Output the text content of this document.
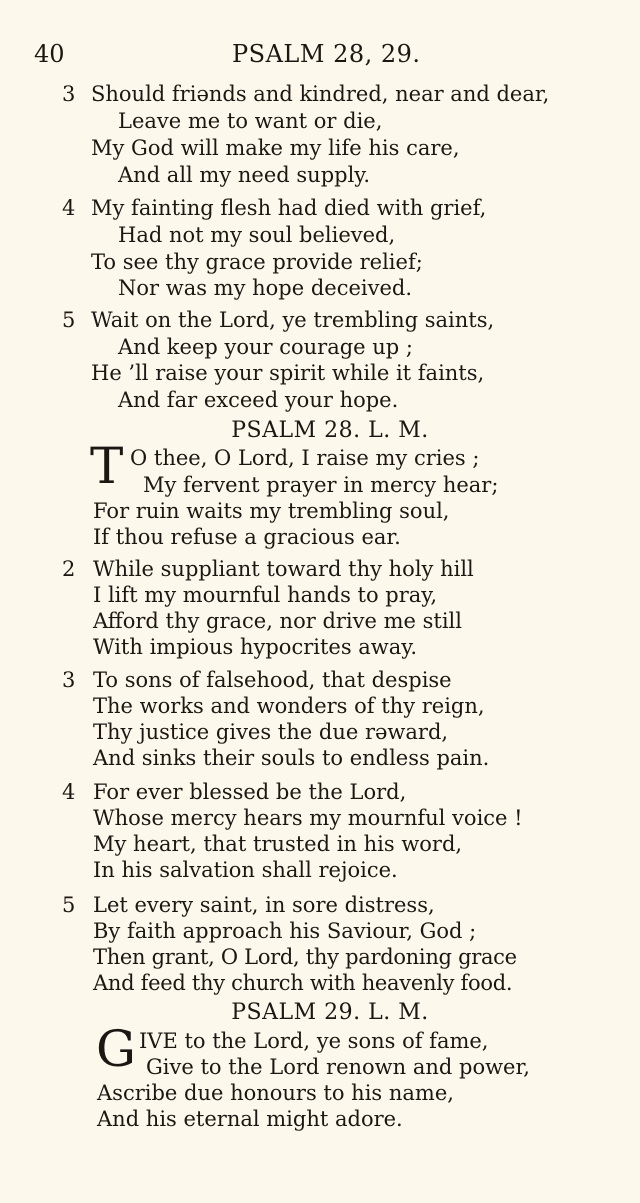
40	PSALM 28, 29.
3 Should friənds and kindred, near and dear,
Leave me to want or die,
My God will make my life his care,
And all my need supply.
4 My fainting flesh had died with grief,
Had not my soul believed,
To see thy grace provide relief;
Nor was my hope deceived.
5 Wait on the Lord, ye trembling saints,
And keep your courage up ;
He ’ll raise your spirit while it faints,
And far exceed your hope.
PSALM 28. L. M.
T O thee, O Lord, I raise my cries ;
My fervent prayer in mercy hear;
For ruin waits my trembling soul,
If thou refuse a gracious ear.
2 While suppliant toward thy holy hill
I lift my mournful hands to pray,
Afford thy grace, nor drive me still
With impious hypocrites away.
3 To sons of falsehood, that despise
The works and wonders of thy reign,
Thy justice gives the due rəward,
And sinks their souls to endless pain.
4 For ever blessed be the Lord,
Whose mercy hears my mournful voice !
My heart, that trusted in his word,
In his salvation shall rejoice.
5 Let every saint, in sore distress,
By faith approach his Saviour, God ;
Then grant, O Lord, thy pardoning grace
And feed thy church with heavenly food.
PSALM 29. L. M.
G IVE to the Lord, ye sons of fame,
Give to the Lord renown and power,
Ascribe due honours to his name,
And his eternal might adore.
